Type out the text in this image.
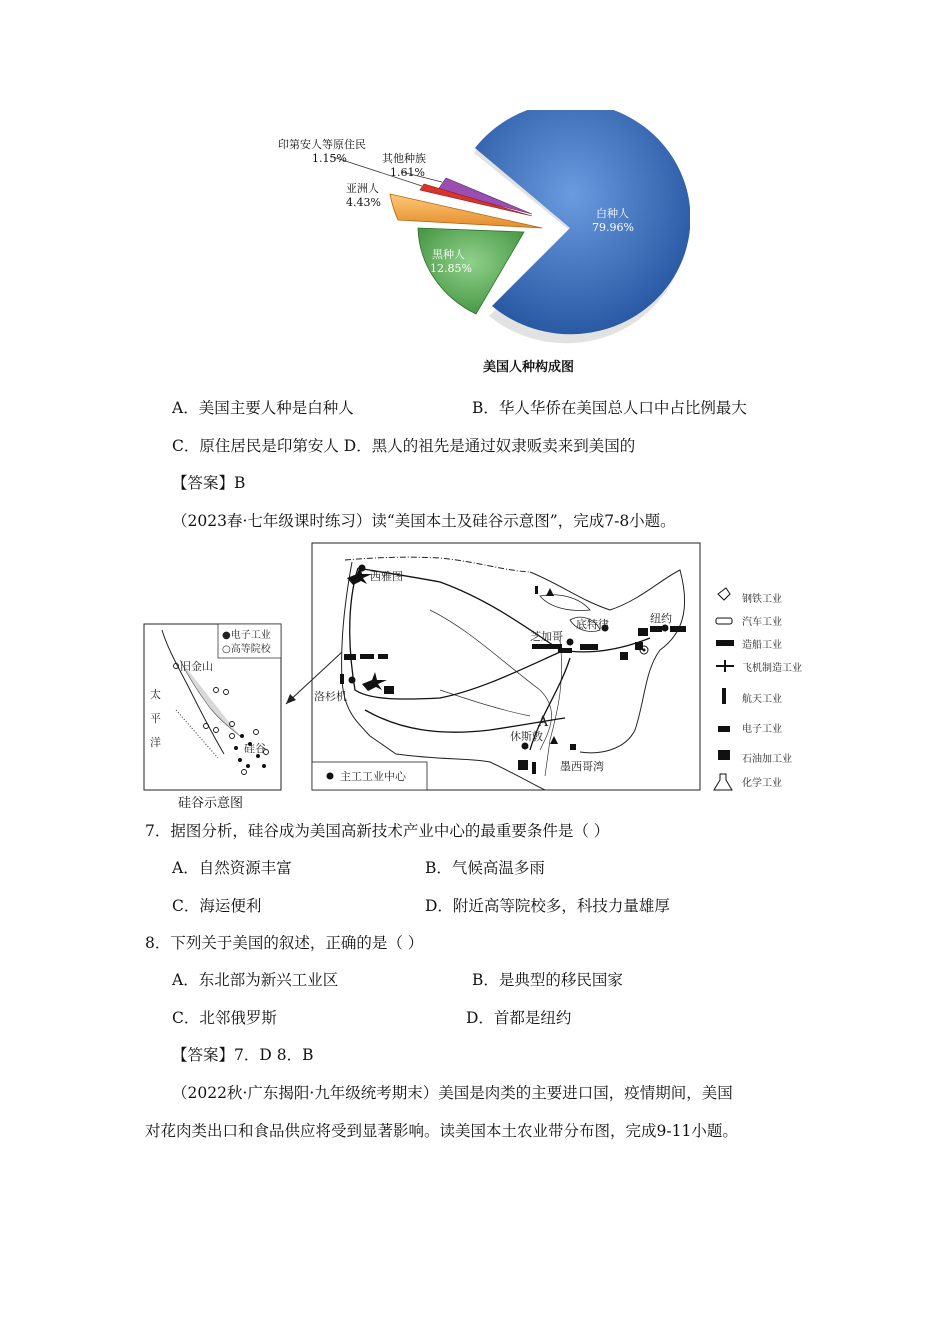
印第安人等原住民
1.15%	其他种族
1.61%
亚洲人
4.43%
黑种人
12.85%
白种人
79.96%
美国人种构成图
A．美国主要人种是白种人	B．华人华侨在美国总人口中占比例最大
C．原住居民是印第安人 D．黑人的祖先是通过奴隶贩卖来到美国的
【答案】B
（2023春·七年级课时练习）读“美国本土及硅谷示意图”，完成7-8小题。
西雅图
洛杉机
芝加哥
底特律	纽约
休斯敦
墨西哥湾
A
主工工业中心
钢铁工业
汽车工业
造船工业
飞机制造工业
航天工业
电子工业
石油加工业
化学工业
●电子工业
○高等院校
旧金山
太
平
洋	硅谷
硅谷示意图
7．据图分析，硅谷成为美国高新技术产业中心的最重要条件是（ ）
A．自然资源丰富	B．气候高温多雨
C．海运便利	D．附近高等院校多，科技力量雄厚
8．下列关于美国的叙述，正确的是（ ）
A．东北部为新兴工业区	B．是典型的移民国家
C．北邻俄罗斯	D．首都是纽约
【答案】7．D 8．B
（2022秋·广东揭阳·九年级统考期末）美国是肉类的主要进口国，疫情期间，美国
对花肉类出口和食品供应将受到显著影响。读美国本土农业带分布图，完成9-11小题。
